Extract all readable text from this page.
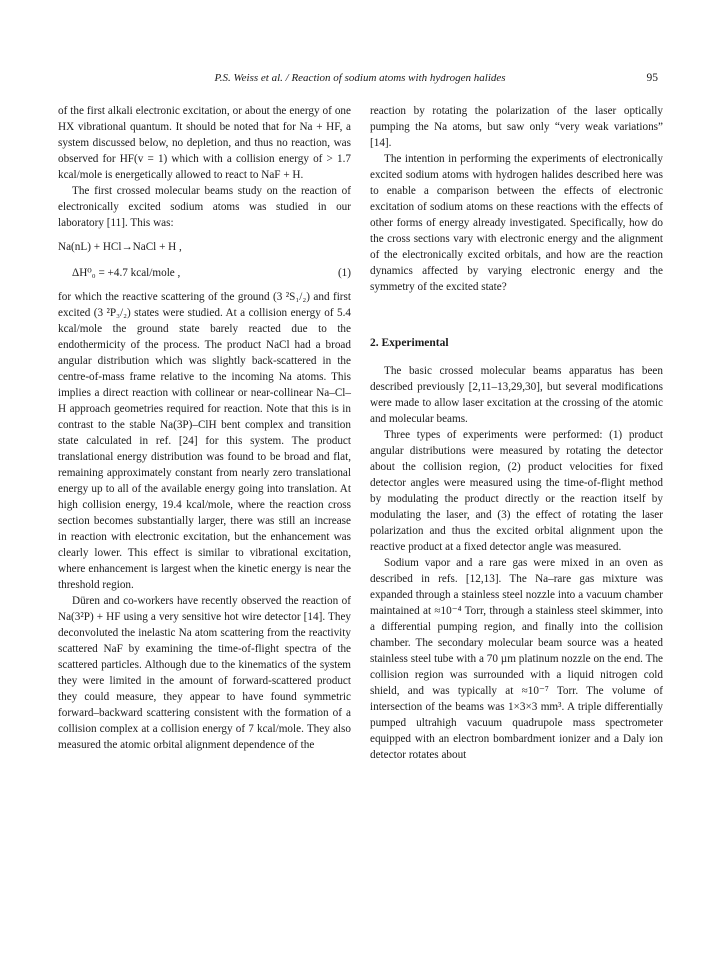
P.S. Weiss et al. / Reaction of sodium atoms with hydrogen halides	95

of the first alkali electronic excitation, or about the energy of one HX vibrational quantum. It should be noted that for Na + HF, a system discussed below, no depletion, and thus no reaction, was observed for HF(v = 1) which with a collision energy of > 1.7 kcal/mole is energetically allowed to react to NaF + H.

The first crossed molecular beams study on the reaction of electronically excited sodium atoms was studied in our laboratory [11]. This was:

Na(nL) + HCl→NaCl + H ,
ΔH⁰₀ = +4.7 kcal/mole ,	(1)

for which the reactive scattering of the ground (3 ²S₁/₂) and first excited (3 ²P₃/₂) states were studied. At a collision energy of 5.4 kcal/mole the ground state barely reacted due to the endothermicity of the process. The product NaCl had a broad angular distribution which was slightly back-scattered in the centre-of-mass frame relative to the incoming Na atoms. This implies a direct reaction with collinear or near-collinear Na–Cl–H approach geometries required for reaction. Note that this is in contrast to the stable Na(3P)–ClH bent complex and transition state calculated in ref. [24] for this system. The product translational energy distribution was found to be broad and flat, remaining approximately constant from nearly zero translational energy up to all of the available energy going into translation. At high collision energy, 19.4 kcal/mole, where the reaction cross section becomes substantially larger, there was still an increase in reaction with electronic excitation, but the enhancement was clearly lower. This effect is similar to vibrational excitation, where enhancement is largest when the kinetic energy is near the threshold region.

Düren and co-workers have recently observed the reaction of Na(3²P) + HF using a very sensitive hot wire detector [14]. They deconvoluted the inelastic Na atom scattering from the reactivity scattered NaF by examining the time-of-flight spectra of the scattered particles. Although due to the kinematics of the system they were limited in the amount of forward-scattered product they could measure, they appear to have found symmetric forward–backward scattering consistent with the formation of a collision complex at a collision energy of 7 kcal/mole. They also measured the atomic orbital alignment dependence of the

reaction by rotating the polarization of the laser optically pumping the Na atoms, but saw only “very weak variations” [14].

The intention in performing the experiments of electronically excited sodium atoms with hydrogen halides described here was to enable a comparison between the effects of electronic excitation of sodium atoms on these reactions with the effects of other forms of energy already investigated. Specifically, how do the cross sections vary with electronic energy and the alignment of the electronically excited orbitals, and how are the reaction dynamics affected by varying electronic energy and the symmetry of the excited state?

2. Experimental

The basic crossed molecular beams apparatus has been described previously [2,11–13,29,30], but several modifications were made to allow laser excitation at the crossing of the atomic and molecular beams.

Three types of experiments were performed: (1) product angular distributions were measured by rotating the detector about the collision region, (2) product velocities for fixed detector angles were measured using the time-of-flight method by modulating the product directly or the reaction itself by modulating the laser, and (3) the effect of rotating the laser polarization and thus the excited orbital alignment upon the reactive product at a fixed detector angle was measured.

Sodium vapor and a rare gas were mixed in an oven as described in refs. [12,13]. The Na–rare gas mixture was expanded through a stainless steel nozzle into a vacuum chamber maintained at ≈10⁻⁴ Torr, through a stainless steel skimmer, into a differential pumping region, and finally into the collision chamber. The secondary molecular beam source was a heated stainless steel tube with a 70 µm platinum nozzle on the end. The collision region was surrounded with a liquid nitrogen cold shield, and was typically at ≈10⁻⁷ Torr. The volume of intersection of the beams was 1×3×3 mm³. A triple differentially pumped ultrahigh vacuum quadrupole mass spectrometer equipped with an electron bombardment ionizer and a Daly ion detector rotates about
